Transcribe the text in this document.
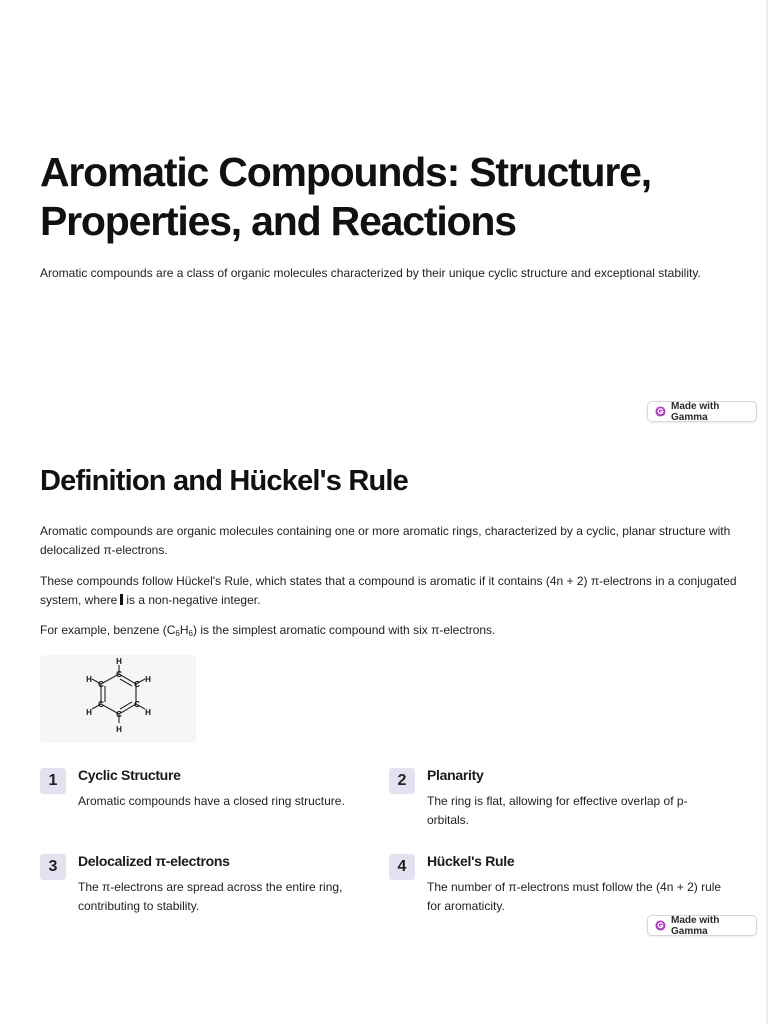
Aromatic Compounds: Structure, Properties, and Reactions

Aromatic compounds are a class of organic molecules characterized by their unique cyclic structure and exceptional stability.

Made with Gamma
Definition and Hückel's Rule

Aromatic compounds are organic molecules containing one or more aromatic rings, characterized by a cyclic, planar structure with delocalized π-electrons.

These compounds follow Hückel's Rule, which states that a compound is aromatic if it contains (4n + 2) π-electrons in a conjugated system, where is a non-negative integer.

For example, benzene $(C_6H_6)$ is the simplest aromatic compound with six π-electrons.

C
C
C
C
C
C
H
H
H
H
H
H
1	Cyclic Structure

Aromatic compounds have a closed ring structure.

2	Planarity

The ring is flat, allowing for effective overlap of p-orbitals.

3	Delocalized π-electrons

The π-electrons are spread across the entire ring, contributing to stability.

4	Hückel's Rule

The number of π-electrons must follow the (4n + 2) rule for aromaticity.

Made with Gamma
